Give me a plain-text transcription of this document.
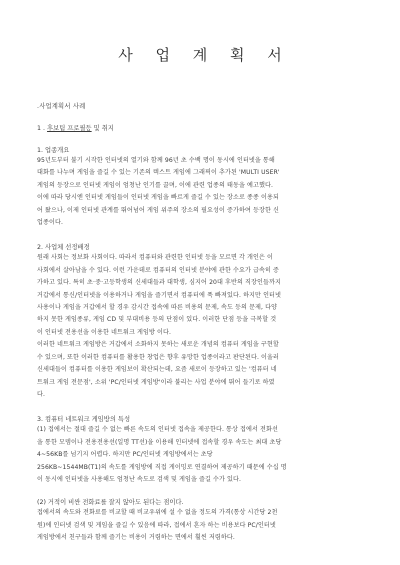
사 업 계 획 서
.사업계획서 사례
1 . 후보팀 프로필등 및 취지
1. 업종개요
95년도부터 불기 시작한 인터넷의 열기와 함께 96년 초 수백 명이 동시에 인터넷을 통해
대화를 나누며 게임을 즐길 수 있는 기존의 텍스트 게임에 그래픽이 추가된 'MULTI USER'
게임의 등장으로 인터넷 게임이 엄청난 인기를 끌며, 이에 관련 업종의 태동을 예고했다.
이에 따라 당시엔 인터넷 게임들이 인터넷 게임을 빠르게 즐길 수 있는 장소로 종종 이용되
어 왔으나, 이제 인터넷 관계를 뛰어넘어 게임 위주의 장소의 필요성이 증가하여 등장한 신
업종이다.
2. 사업체 선정배경
원래 사회는 정보화 사회이다. 따라서 컴퓨터와 관련한 인터넷 등을 모르면 각 개인은 이
사회에서 살아남을 수 있다. 이런 가운데로 컴퓨터의 인터넷 분야에 관한 수요가 급속히 증
가하고 있다. 특히 초·중·고등학생의 신세대들과 대학생, 심지어 20대 후반의 직장인들까지
거갑에서 통신/인터넷을 이용하거나 게임을 즐기면서 컴퓨터에 푹 빠져있다. 하지만 인터넷
사용이나 게임을 거갑에서 할 경우 감시간 접속에 따른 비용의 문제, 속도 등의 문제, 다양
하지 못한 게임종류, 게임 CD 및 부대비용 등의 단점이 있다. 이러한 단점 등을 극복할 것
이 인터넷 전용선을 이용한 네트워크 게임방 이다.
이러한 네트워크 게임방은 거갑에서 소화하지 못하는 새로운 개념의 컴퓨터 게임을 구현할
수 있으며, 또한 이러한 컴퓨터를 활용한 창업은 향후 유망한 업종이라고 판단된다. 이울러
신세대들이 컴퓨터를 이용한 게임보이 확산되는데, 요즘 새로이 등장하고 있는 '컴퓨터 네
트워크 게임 전문점', 소위 'PC/인터넷 게임방'이라 불리는 사업 분야에 뛰어 들기로 하였
다.
3. 컴퓨터 네트워크 게임방의 특성
(1) 접에서는 절대 즐길 수 없는 빠른 속도의 인터넷 접속을 제공한다. 통상 접에서 전화선
을 통한 모뎀이나 전용전용선(일명 TT선)을 이용해 인터넷에 접속할 경우 속도는 최대 초당
4~56KB를 넘기지 어렵다. 하지만 PC/인터넷 게임방에서는 초당
256KB~1544MB(T1)의 속도를 게임방에 직접 게이밍로 연결하여 제공하기 때문에 수십 명
이 동시에 인터넷을 사용해도 엄청난 속도로 검색 및 게임을 즐길 수가 있다.
(2) 거적이 비싼 전화료를 잘지 않아도 된다는 점이다.
접에서의 속도와 전화료를 비교할 때 비교우위에 설 수 없을 정도의 가격(통상 시간당 2천
원)에 인터넷 검색 및 게임을 즐길 수 있음에 따라, 접에서 혼자 하는 비용보다 PC/인터넷
게임방에서 친구들과 함께 즐기는 비용이 거렴하는 면에서 훨씬 저렴하다.
